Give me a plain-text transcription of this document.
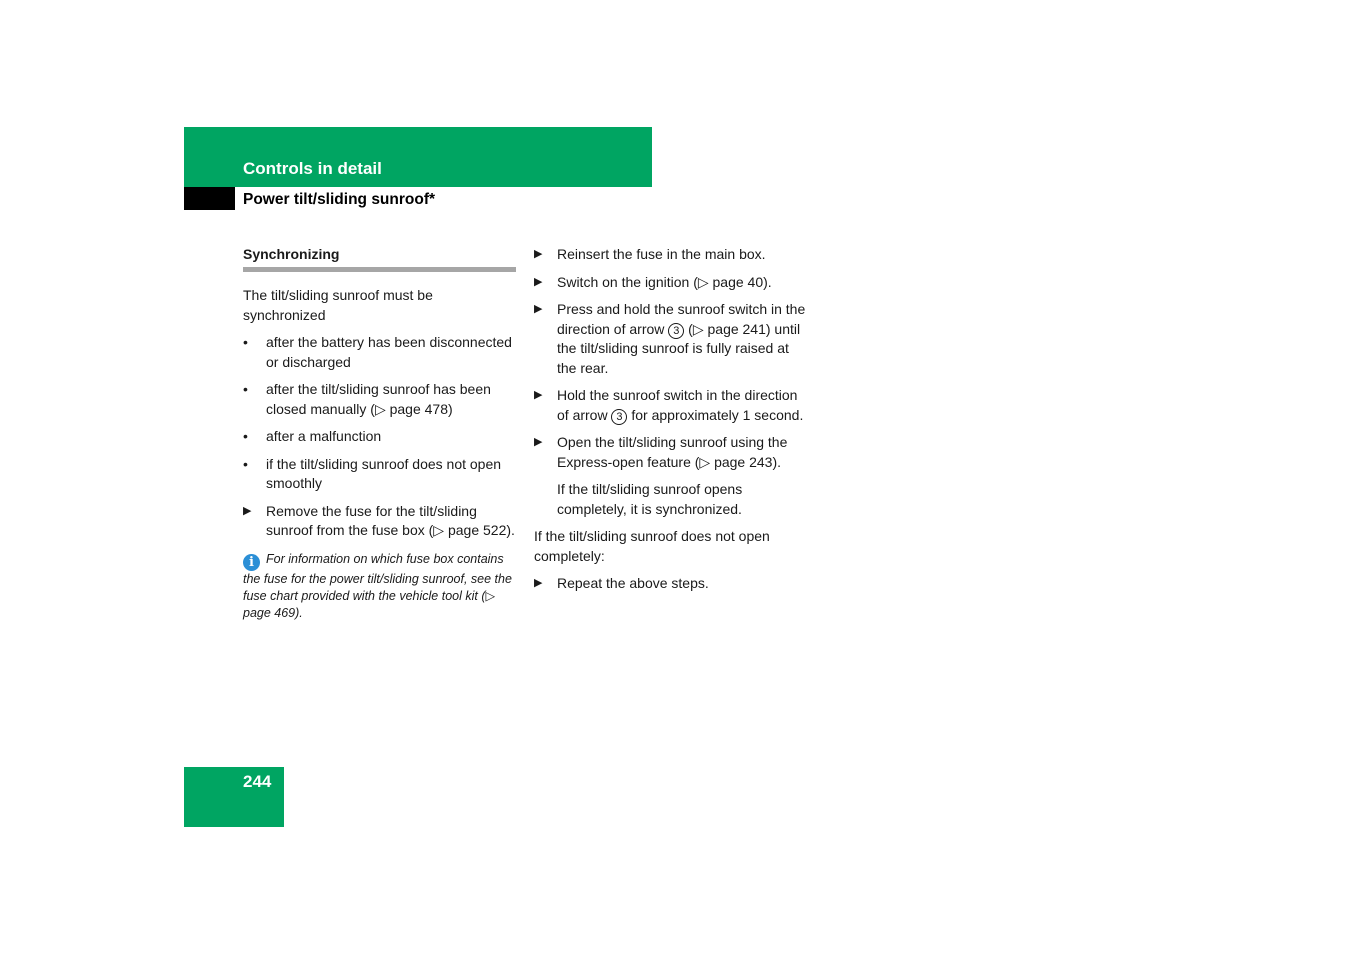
Controls in detail
Power tilt/sliding sunroof*
Synchronizing

The tilt/sliding sunroof must be synchronized

•	after the battery has been disconnected or discharged
•	after the tilt/sliding sunroof has been closed manually (▷ page 478)
•	after a malfunction
•	if the tilt/sliding sunroof does not open smoothly
▶	Remove the fuse for the tilt/sliding sunroof from the fuse box (▷ page 522).
i For information on which fuse box contains the fuse for the power tilt/sliding sunroof, see the fuse chart provided with the vehicle tool kit (▷ page 469).
▶	Reinsert the fuse in the main box.
▶	Switch on the ignition (▷ page 40).
▶	Press and hold the sunroof switch in the direction of arrow 3 (▷ page 241) until the tilt/sliding sunroof is fully raised at the rear.
▶	Hold the sunroof switch in the direction of arrow 3 for approximately 1 second.
▶	Open the tilt/sliding sunroof using the Express-open feature (▷ page 243).

If the tilt/sliding sunroof opens completely, it is synchronized.

If the tilt/sliding sunroof does not open completely:

▶	Repeat the above steps.
244
